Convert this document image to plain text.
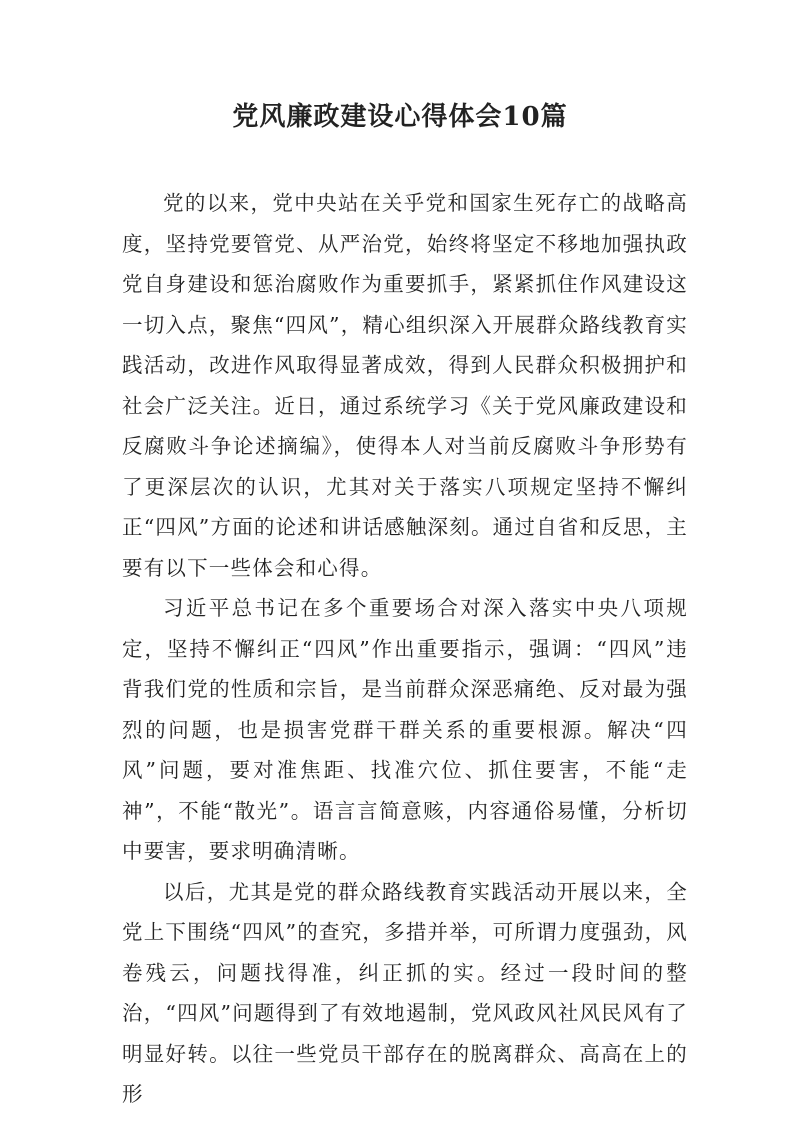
党风廉政建设心得体会10篇

党的以来，党中央站在关乎党和国家生死存亡的战略高度，坚持党要管党、从严治党，始终将坚定不移地加强执政党自身建设和惩治腐败作为重要抓手，紧紧抓住作风建设这一切入点，聚焦“四风”，精心组织深入开展群众路线教育实践活动，改进作风取得显著成效，得到人民群众积极拥护和社会广泛关注。近日，通过系统学习《关于党风廉政建设和反腐败斗争论述摘编》，使得本人对当前反腐败斗争形势有了更深层次的认识，尤其对关于落实八项规定坚持不懈纠正“四风”方面的论述和讲话感触深刻。通过自省和反思，主要有以下一些体会和心得。

习近平总书记在多个重要场合对深入落实中央八项规定，坚持不懈纠正“四风”作出重要指示，强调：“四风”违背我们党的性质和宗旨，是当前群众深恶痛绝、反对最为强烈的问题，也是损害党群干群关系的重要根源。解决“四风”问题，要对准焦距、找准穴位、抓住要害，不能“走神”，不能“散光”。语言言简意赅，内容通俗易懂，分析切中要害，要求明确清晰。

以后，尤其是党的群众路线教育实践活动开展以来，全党上下围绕“四风”的查究，多措并举，可所谓力度强劲，风卷残云，问题找得准，纠正抓的实。经过一段时间的整治，“四风”问题得到了有效地遏制，党风政风社风民风有了明显好转。以往一些党员干部存在的脱离群众、高高在上的形
